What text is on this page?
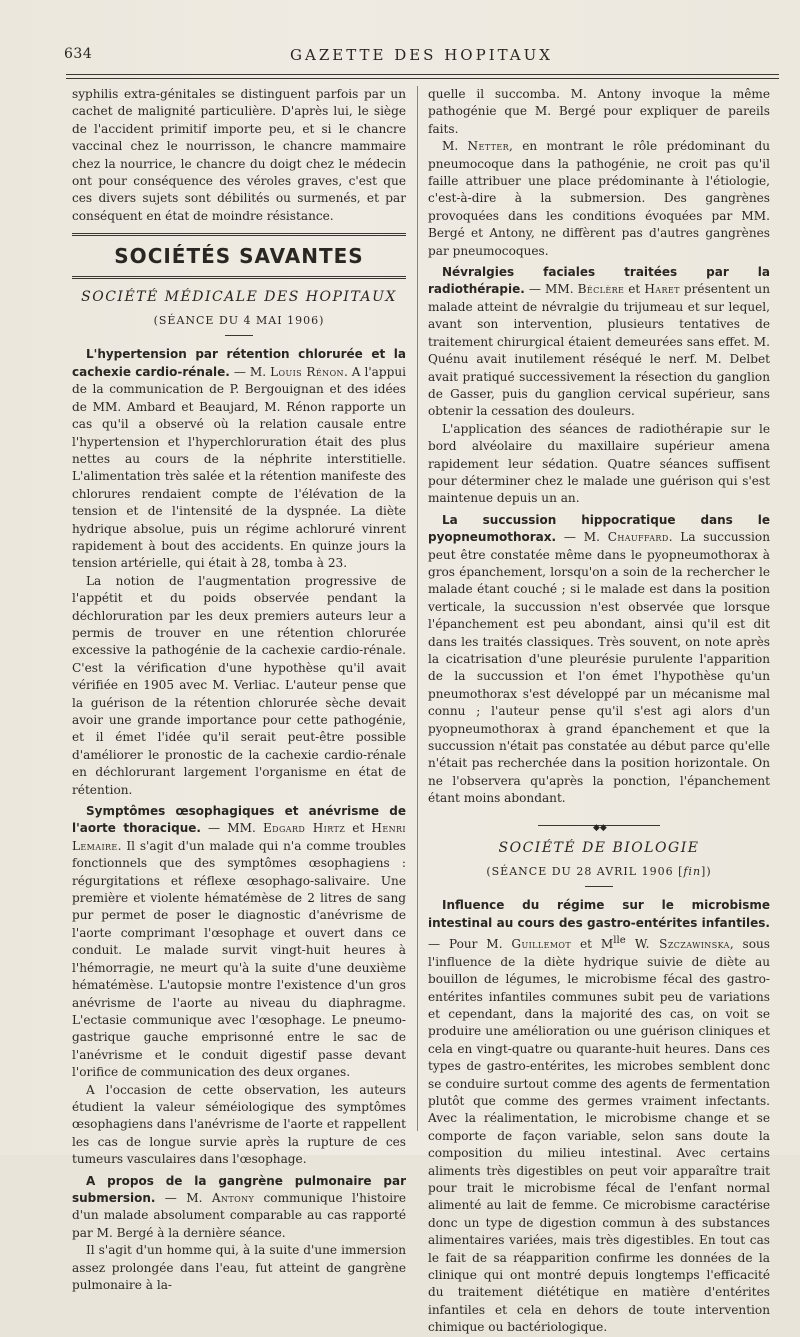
634	GAZETTE DES HOPITAUX

syphilis extra-génitales se distinguent parfois par un cachet de malignité particulière. D'après lui, le siège de l'accident primitif importe peu, et si le chancre vaccinal chez le nourrisson, le chancre mammaire chez la nourrice, le chancre du doigt chez le médecin ont pour conséquence des véroles graves, c'est que ces divers sujets sont débilités ou surmenés, et par conséquent en état de moindre résistance.

SOCIÉTÉS SAVANTES
SOCIÉTÉ MÉDICALE DES HOPITAUX
(SÉANCE DU 4 MAI 1906)

L'hypertension par rétention chlorurée et la cachexie cardio-rénale. — M. Louis Rénon. A l'appui de la communication de P. Bergouignan et des idées de MM. Ambard et Beaujard, M. Rénon rapporte un cas qu'il a observé où la relation causale entre l'hypertension et l'hyperchloruration était des plus nettes au cours de la néphrite interstitielle. L'alimentation très salée et la rétention manifeste des chlorures rendaient compte de l'élévation de la tension et de l'intensité de la dyspnée. La diète hydrique absolue, puis un régime achloruré vinrent rapidement à bout des accidents. En quinze jours la tension artérielle, qui était à 28, tomba à 23.

La notion de l'augmentation progressive de l'appétit et du poids observée pendant la déchloruration par les deux premiers auteurs leur a permis de trouver en une rétention chlorurée excessive la pathogénie de la cachexie cardio-rénale. C'est la vérification d'une hypothèse qu'il avait vérifiée en 1905 avec M. Verliac. L'auteur pense que la guérison de la rétention chlorurée sèche devait avoir une grande importance pour cette pathogénie, et il émet l'idée qu'il serait peut-être possible d'améliorer le pronostic de la cachexie cardio-rénale en déchlorurant largement l'organisme en état de rétention.

Symptômes œsophagiques et anévrisme de l'aorte thoracique. — MM. Edgard Hirtz et Henri Lemaire. Il s'agit d'un malade qui n'a comme troubles fonctionnels que des symptômes œsophagiens : régurgitations et réflexe œsophago-salivaire. Une première et violente hématémèse de 2 litres de sang pur permet de poser le diagnostic d'anévrisme de l'aorte comprimant l'œsophage et ouvert dans ce conduit. Le malade survit vingt-huit heures à l'hémorragie, ne meurt qu'à la suite d'une deuxième hématémèse. L'autopsie montre l'existence d'un gros anévrisme de l'aorte au niveau du diaphragme. L'ectasie communique avec l'œsophage. Le pneumo-gastrique gauche emprisonné entre le sac de l'anévrisme et le conduit digestif passe devant l'orifice de communication des deux organes.

A l'occasion de cette observation, les auteurs étudient la valeur séméiologique des symptômes œsophagiens dans l'anévrisme de l'aorte et rappellent les cas de longue survie après la rupture de ces tumeurs vasculaires dans l'œsophage.

A propos de la gangrène pulmonaire par submersion. — M. Antony communique l'histoire d'un malade absolument comparable au cas rapporté par M. Bergé à la dernière séance.

Il s'agit d'un homme qui, à la suite d'une immersion assez prolongée dans l'eau, fut atteint de gangrène pulmonaire à la-

quelle il succomba. M. Antony invoque la même pathogénie que M. Bergé pour expliquer de pareils faits.

M. Netter, en montrant le rôle prédominant du pneumocoque dans la pathogénie, ne croit pas qu'il faille attribuer une place prédominante à l'étiologie, c'est-à-dire à la submersion. Des gangrènes provoquées dans les conditions évoquées par MM. Bergé et Antony, ne diffèrent pas d'autres gangrènes par pneumocoques.

Névralgies faciales traitées par la radiothérapie. — MM. Béclère et Haret présentent un malade atteint de névralgie du trijumeau et sur lequel, avant son intervention, plusieurs tentatives de traitement chirurgical étaient demeurées sans effet. M. Quénu avait inutilement réséqué le nerf. M. Delbet avait pratiqué successivement la résection du ganglion de Gasser, puis du ganglion cervical supérieur, sans obtenir la cessation des douleurs.

L'application des séances de radiothérapie sur le bord alvéolaire du maxillaire supérieur amena rapidement leur sédation. Quatre séances suffisent pour déterminer chez le malade une guérison qui s'est maintenue depuis un an.

La succussion hippocratique dans le pyopneumothorax. — M. Chauffard. La succussion peut être constatée même dans le pyopneumothorax à gros épanchement, lorsqu'on a soin de la rechercher le malade étant couché ; si le malade est dans la position verticale, la succussion n'est observée que lorsque l'épanchement est peu abondant, ainsi qu'il est dit dans les traités classiques. Très souvent, on note après la cicatrisation d'une pleurésie purulente l'apparition de la succussion et l'on émet l'hypothèse qu'un pneumothorax s'est développé par un mécanisme mal connu ; l'auteur pense qu'il s'est agi alors d'un pyopneumothorax à grand épanchement et que la succussion n'était pas constatée au début parce qu'elle n'était pas recherchée dans la position horizontale. On ne l'observera qu'après la ponction, l'épanchement étant moins abondant.

◆◆
SOCIÉTÉ DE BIOLOGIE
(SÉANCE DU 28 AVRIL 1906 [fin])

Influence du régime sur le microbisme intestinal au cours des gastro-entérites infantiles. — Pour M. Guillemot et $M^{lle}$ W. Szczawinska, sous l'influence de la diète hydrique suivie de diète au bouillon de légumes, le microbisme fécal des gastro-entérites infantiles communes subit peu de variations et cependant, dans la majorité des cas, on voit se produire une amélioration ou une guérison cliniques et cela en vingt-quatre ou quarante-huit heures. Dans ces types de gastro-entérites, les microbes semblent donc se conduire surtout comme des agents de fermentation plutôt que comme des germes vraiment infectants. Avec la réalimentation, le microbisme change et se comporte de façon variable, selon sans doute la composition du milieu intestinal. Avec certains aliments très digestibles on peut voir apparaître trait pour trait le microbisme fécal de l'enfant normal alimenté au lait de femme. Ce microbisme caractérise donc un type de digestion commun à des substances alimentaires variées, mais très digestibles. En tout cas le fait de sa réapparition confirme les données de la clinique qui ont montré depuis longtemps l'efficacité du traitement diététique en matière d'entérites infantiles et cela en dehors de toute intervention chimique ou bactériologique.
